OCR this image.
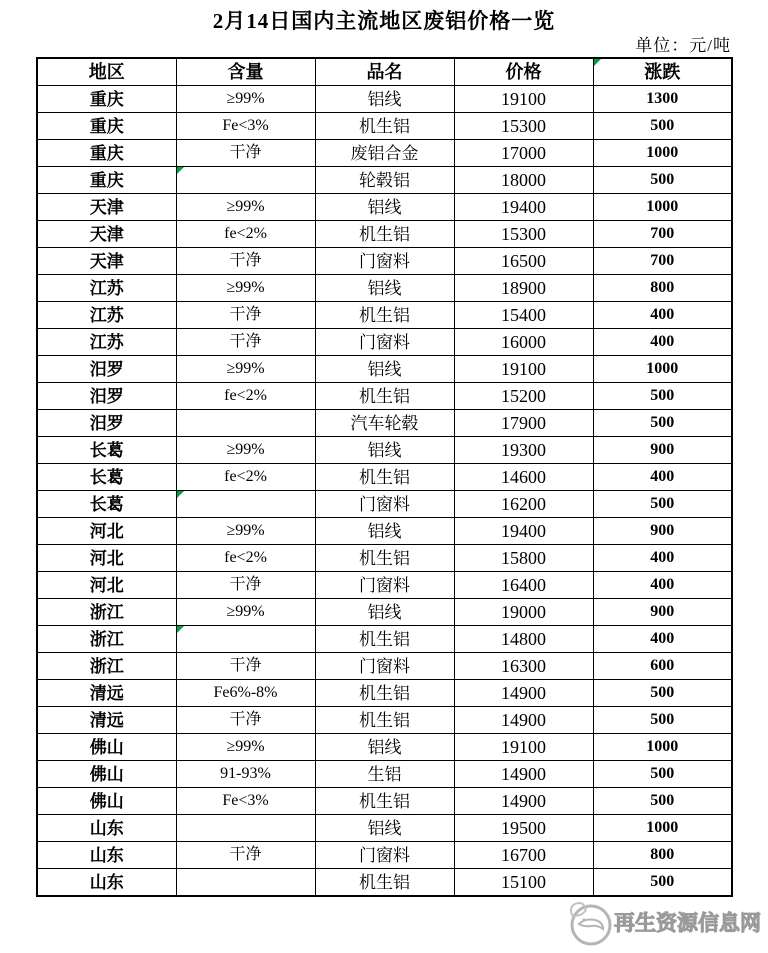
2月14日国内主流地区废铝价格一览
单位：元/吨
地区	含量	品名	价格	涨跌

重庆	≥99%	铝线	19100	1300
重庆	Fe<3%	机生铝	15300	500
重庆	干净	废铝合金	17000	1000
重庆		轮毂铝	18000	500
天津	≥99%	铝线	19400	1000
天津	fe<2%	机生铝	15300	700
天津	干净	门窗料	16500	700
江苏	≥99%	铝线	18900	800
江苏	干净	机生铝	15400	400
江苏	干净	门窗料	16000	400
汨罗	≥99%	铝线	19100	1000
汨罗	fe<2%	机生铝	15200	500
汨罗		汽车轮毂	17900	500
长葛	≥99%	铝线	19300	900
长葛	fe<2%	机生铝	14600	400
长葛		门窗料	16200	500
河北	≥99%	铝线	19400	900
河北	fe<2%	机生铝	15800	400
河北	干净	门窗料	16400	400
浙江	≥99%	铝线	19000	900
浙江		机生铝	14800	400
浙江	干净	门窗料	16300	600
清远	Fe6%-8%	机生铝	14900	500
清远	干净	机生铝	14900	500
佛山	≥99%	铝线	19100	1000
佛山	91-93%	生铝	14900	500
佛山	Fe<3%	机生铝	14900	500
山东		铝线	19500	1000
山东	干净	门窗料	16700	800
山东		机生铝	15100	500
再生资源信息网
